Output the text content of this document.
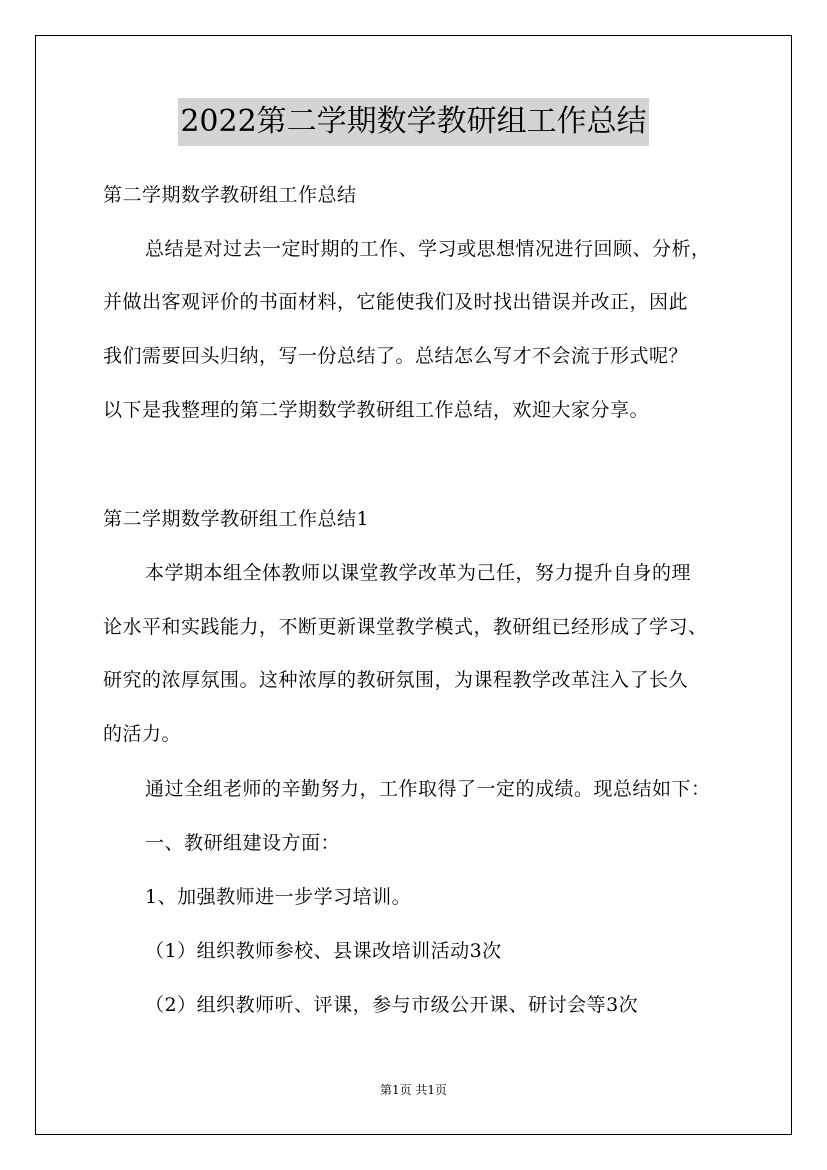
2022第二学期数学教研组工作总结
第二学期数学教研组工作总结
总结是对过去一定时期的工作、学习或思想情况进行回顾、分析，
并做出客观评价的书面材料，它能使我们及时找出错误并改正，因此
我们需要回头归纳，写一份总结了。总结怎么写才不会流于形式呢？
以下是我整理的第二学期数学教研组工作总结，欢迎大家分享。
第二学期数学教研组工作总结1
本学期本组全体教师以课堂教学改革为己任，努力提升自身的理
论水平和实践能力，不断更新课堂教学模式，教研组已经形成了学习、
研究的浓厚氛围。这种浓厚的教研氛围，为课程教学改革注入了长久
的活力。
通过全组老师的辛勤努力，工作取得了一定的成绩。现总结如下：
一、教研组建设方面：
1、加强教师进一步学习培训。
（1）组织教师参校、县课改培训活动3次
（2）组织教师听、评课，参与市级公开课、研讨会等3次
第1页 共1页
